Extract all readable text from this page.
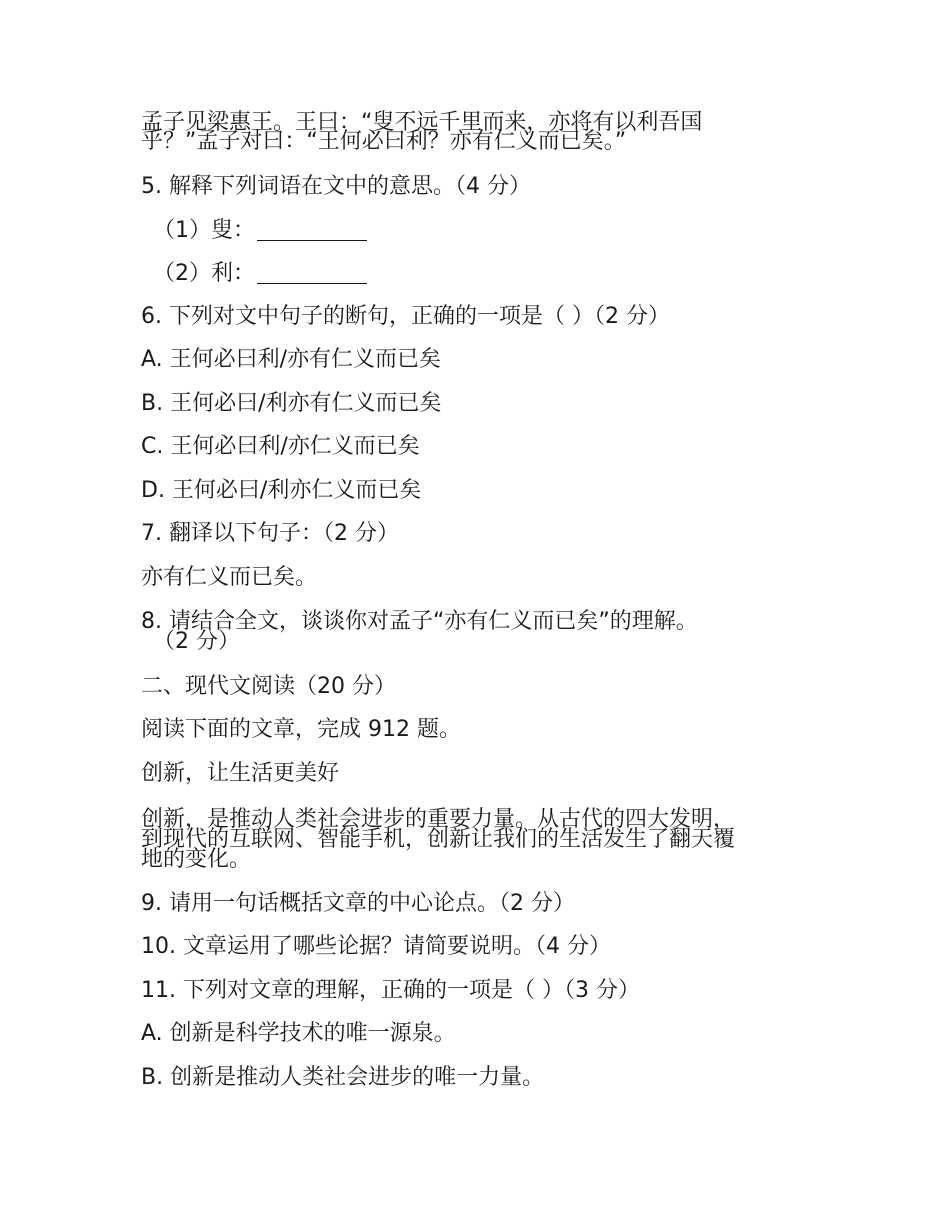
孟子见梁惠王。王曰：“叟不远千里而来，亦将有以利吾国
乎？”孟子对曰：“王何必曰利？亦有仁义而已矣。”
5. 解释下列词语在文中的意思。（4 分）
（1）叟：
（2）利：
6. 下列对文中句子的断句，正确的一项是（ ）（2 分）
A. 王何必曰利/亦有仁义而已矣
B. 王何必曰/利亦有仁义而已矣
C. 王何必曰利/亦仁义而已矣
D. 王何必曰/利亦仁义而已矣
7. 翻译以下句子：（2 分）
亦有仁义而已矣。
8. 请结合全文，谈谈你对孟子“亦有仁义而已矣”的理解。
（2 分）
二、现代文阅读（20 分）
阅读下面的文章，完成 912 题。
创新，让生活更美好
创新，是推动人类社会进步的重要力量。从古代的四大发明，
到现代的互联网、智能手机，创新让我们的生活发生了翻天覆
地的变化。
9. 请用一句话概括文章的中心论点。（2 分）
10. 文章运用了哪些论据？请简要说明。（4 分）
11. 下列对文章的理解，正确的一项是（ ）（3 分）
A. 创新是科学技术的唯一源泉。
B. 创新是推动人类社会进步的唯一力量。
